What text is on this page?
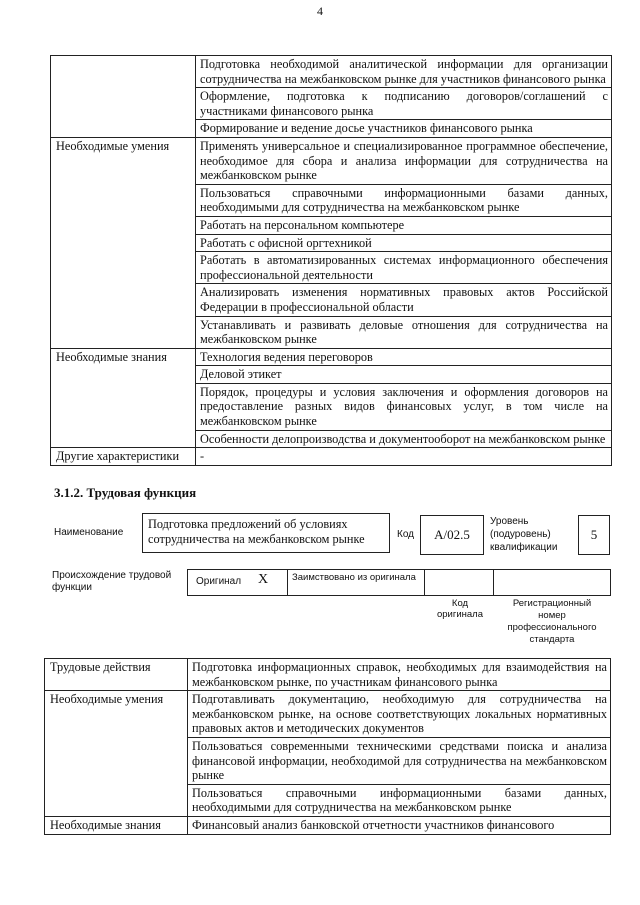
4
	Подготовка необходимой аналитической информации для организации сотрудничества на межбанковском рынке для участников финансового рынка
	Оформление, подготовка к подписанию договоров/соглашений с участниками финансового рынка
	Формирование и ведение досье участников финансового рынка
Необходимые умения	Применять универсальное и специализированное программное обеспечение, необходимое для сбора и анализа информации для сотрудничества на межбанковском рынке
	Пользоваться справочными информационными базами данных, необходимыми для сотрудничества на межбанковском рынке
	Работать на персональном компьютере
	Работать с офисной оргтехникой
	Работать в автоматизированных системах информационного обеспечения профессиональной деятельности
	Анализировать изменения нормативных правовых актов Российской Федерации в профессиональной области
	Устанавливать и развивать деловые отношения для сотрудничества на межбанковском рынке
Необходимые знания	Технология ведения переговоров
	Деловой этикет
	Порядок, процедуры и условия заключения и оформления договоров на предоставление разных видов финансовых услуг, в том числе на межбанковском рынке
	Особенности делопроизводства и документооборот на межбанковском рынке
Другие характеристики	-
3.1.2. Трудовая функция
Наименование
Подготовка предложений об условиях сотрудничества на межбанковском рынке	Код	A/02.5
Уровень (подуровень) квалификации
5
Происхождение трудовой функции
Оригинал X	Заимствовано из оригинала
Код оригинала
Регистрационный номер профессионального стандарта
Трудовые действия	Подготовка информационных справок, необходимых для взаимодействия на межбанковском рынке, по участникам финансового рынка
Необходимые умения	Подготавливать документацию, необходимую для сотрудничества на межбанковском рынке, на основе соответствующих локальных нормативных правовых актов и методических документов
	Пользоваться современными техническими средствами поиска и анализа финансовой информации, необходимой для сотрудничества на межбанковском рынке
	Пользоваться справочными информационными базами данных, необходимыми для сотрудничества на межбанковском рынке
Необходимые знания	Финансовый анализ банковской отчетности участников финансового
